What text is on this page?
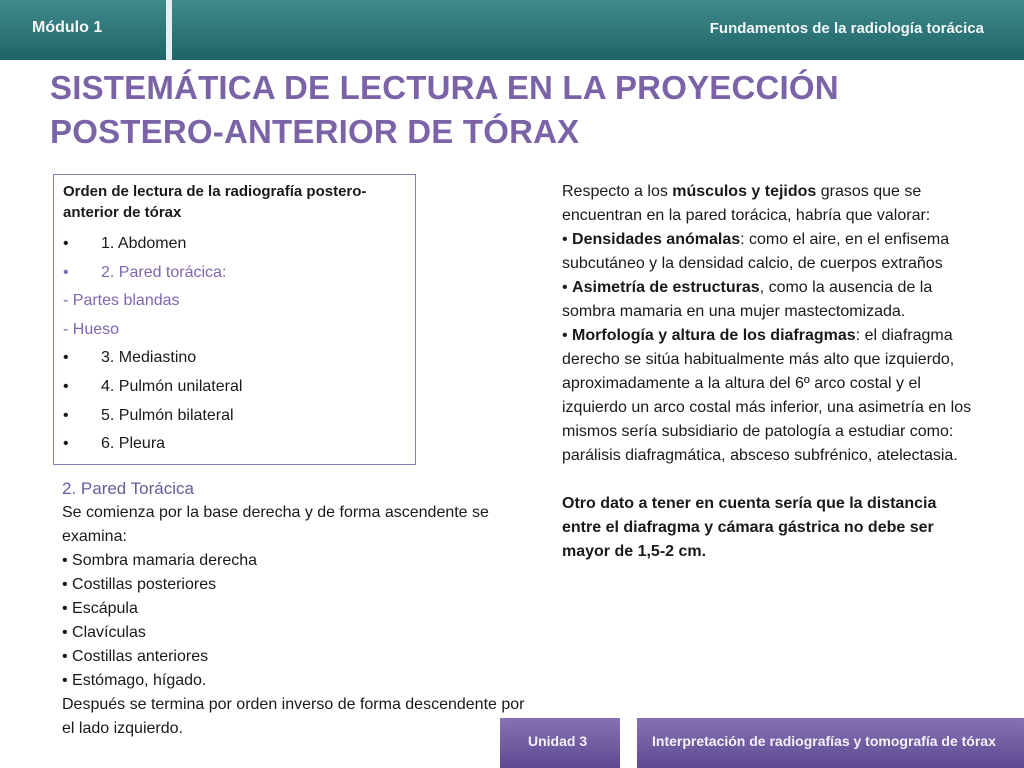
Módulo 1	Fundamentos de la radiología torácica
SISTEMÁTICA DE LECTURA EN LA PROYECCIÓN
POSTERO-ANTERIOR DE TÓRAX
Orden de lectura de la radiografía postero-anterior de tórax
• 1. Abdomen
• 2. Pared torácica:
- Partes blandas
- Hueso
• 3. Mediastino
• 4. Pulmón unilateral
• 5. Pulmón bilateral
• 6. Pleura
2. Pared Torácica
Se comienza por la base derecha y de forma ascendente se examina:
• Sombra mamaria derecha
• Costillas posteriores
• Escápula
• Clavículas
• Costillas anteriores
• Estómago, hígado.
Después se termina por orden inverso de forma descendente por el lado izquierdo.

Respecto a los músculos y tejidos grasos que se encuentran en la pared torácica, habría que valorar:

• Densidades anómalas: como el aire, en el enfisema subcutáneo y la densidad calcio, de cuerpos extraños

• Asimetría de estructuras, como la ausencia de la sombra mamaria en una mujer mastectomizada.

• Morfología y altura de los diafragmas: el diafragma derecho se sitúa habitualmente más alto que izquierdo, aproximadamente a la altura del 6º arco costal y el izquierdo un arco costal más inferior, una asimetría en los mismos sería subsidiario de patología a estudiar como: parálisis diafragmática, absceso subfrénico, atelectasia.

Otro dato a tener en cuenta sería que la distancia entre el diafragma y cámara gástrica no debe ser mayor de 1,5-2 cm.

Unidad 3	Interpretación de radiografías y tomografía de tórax
